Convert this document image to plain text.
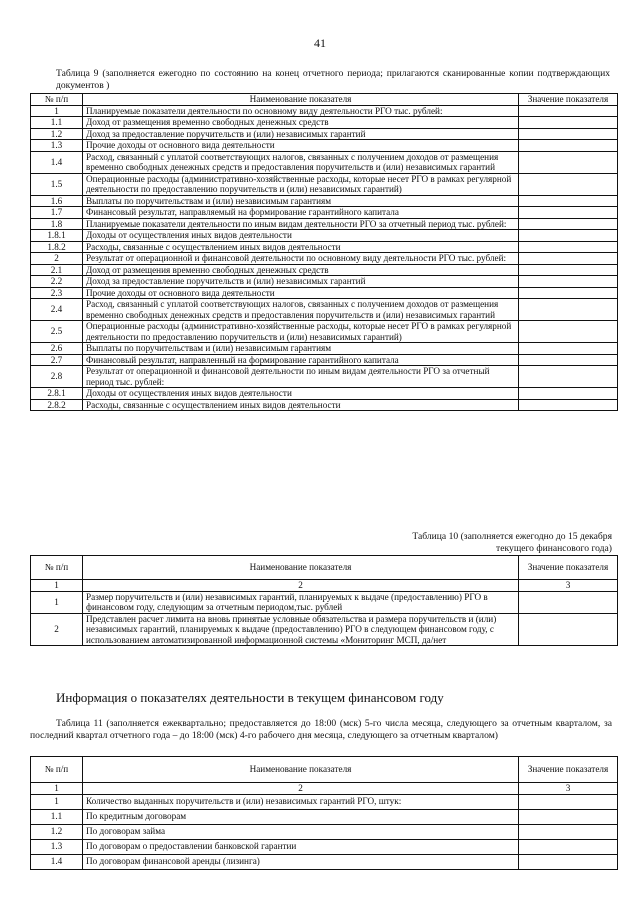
41
Таблица 9 (заполняется ежегодно по состоянию на конец отчетного периода; прилагаются сканированные копии подтверждающих документов )
№ п/п	Наименование показателя	Значение показателя
1	Планируемые показатели деятельности по основному виду деятельности РГО тыс. рублей:	
1.1	Доход от размещения временно свободных денежных средств	
1.2	Доход за предоставление поручительств и (или) независимых гарантий	
1.3	Прочие доходы от основного вида деятельности	
1.4	Расход, связанный с уплатой соответствующих налогов, связанных с получением доходов от размещения временно свободных денежных средств и предоставления поручительств и (или) независимых гарантий	
1.5	Операционные расходы (административно-хозяйственные расходы, которые несет РГО в рамках регулярной деятельности по предоставлению поручительств и (или) независимых гарантий)	
1.6	Выплаты по поручительствам и (или) независимым гарантиям	
1.7	Финансовый результат, направляемый на формирование гарантийного капитала	
1.8	Планируемые показатели деятельности по иным видам деятельности РГО за отчетный период тыс. рублей:	
1.8.1	Доходы от осуществления иных видов деятельности	
1.8.2	Расходы, связанные с осуществлением иных видов деятельности	
2	Результат от операционной и финансовой деятельности по основному виду деятельности РГО тыс. рублей:	
2.1	Доход от размещения временно свободных денежных средств	
2.2	Доход за предоставление поручительств и (или) независимых гарантий	
2.3	Прочие доходы от основного вида деятельности	
2.4	Расход, связанный с уплатой соответствующих налогов, связанных с получением доходов от размещения временно свободных денежных средств и предоставления поручительств и (или) независимых гарантий	
2.5	Операционные расходы (административно-хозяйственные расходы, которые несет РГО в рамках регулярной деятельности по предоставлению поручительств и (или) независимых гарантий)	
2.6	Выплаты по поручительствам и (или) независимым гарантиям	
2.7	Финансовый результат, направленный на формирование гарантийного капитала	
2.8	Результат от операционной и финансовой деятельности по иным видам деятельности РГО за отчетный период тыс. рублей:	
2.8.1	Доходы от осуществления иных видов деятельности	
2.8.2	Расходы, связанные с осуществлением иных видов деятельности	
Таблица 10 (заполняется ежегодно до 15 декабря
текущего финансового года)
№ п/п	Наименование показателя	Значение показателя
1	2	3
1	Размер поручительств и (или) независимых гарантий, планируемых к выдаче (предоставлению) РГО в финансовом году, следующим за отчетным периодом,тыс. рублей	
2	Представлен расчет лимита на вновь принятые условные обязательства и размера поручительств и (или) независимых гарантий, планируемых к выдаче (предоставлению) РГО в следующем финансовом году, с использованием автоматизированной информационной системы «Мониторинг МСП, да/нет	
Информация о показателях деятельности в текущем финансовом году
Таблица 11 (заполняется ежеквартально; предоставляется до 18:00 (мск) 5-го числа месяца, следующего за отчетным кварталом, за последний квартал отчетного года – до 18:00 (мск) 4-го рабочего дня месяца, следующего за отчетным кварталом)
№ п/п	Наименование показателя	Значение показателя
1	2	3
1	Количество выданных поручительств и (или) независимых гарантий РГО, штук:	
1.1	По кредитным договорам	
1.2	По договорам займа	
1.3	По договорам о предоставлении банковской гарантии	
1.4	По договорам финансовой аренды (лизинга)	
